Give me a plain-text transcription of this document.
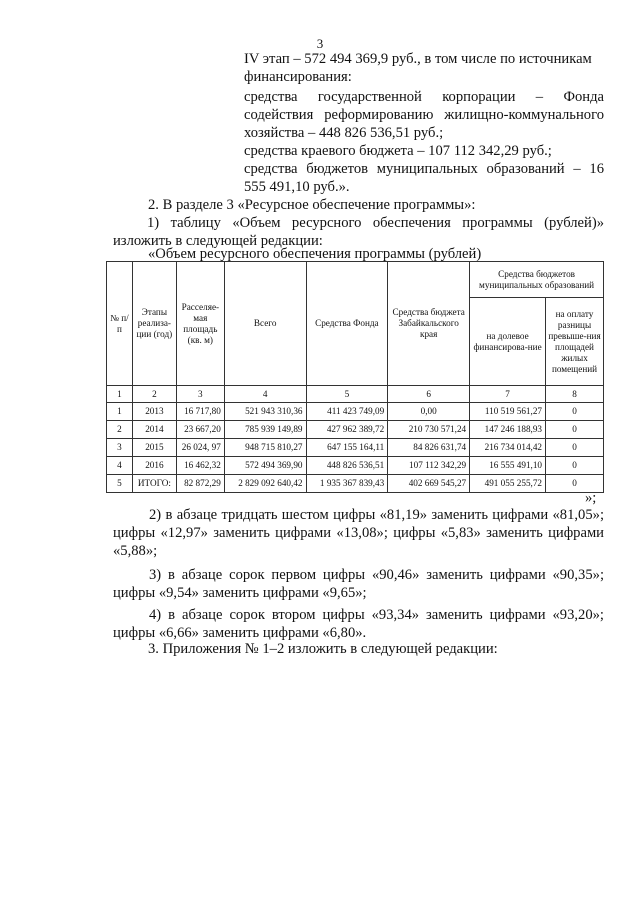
3
IV этап – 572 494 369,9 руб., в том числе по источникам финансирования:
средства государственной корпорации – Фонда содействия реформированию жилищно-коммунального хозяйства – 448 826 536,51 руб.;
средства краевого бюджета – 107 112 342,29 руб.;
средства бюджетов муниципальных образований – 16 555 491,10 руб.».
2. В разделе 3 «Ресурсное обеспечение программы»:
1) таблицу «Объем ресурсного обеспечения программы (рублей)» изложить в следующей редакции:
«Объем ресурсного обеспечения программы (рублей)
№ п/п	Этапы реализа-ции (год)	Расселяе-мая площадь (кв. м)	Всего	Средства Фонда	Средства бюджета Забайкальского края	Средства бюджетов муниципальных образований	
						на долевое финансирова-ние	на оплату разницы превыше-ния площадей жилых помещений
1	2	3	4	5	6	7	8
1	2013	16 717,80	521 943 310,36	411 423 749,09	0,00	110 519 561,27	0
2	2014	23 667,20	785 939 149,89	427 962 389,72	210 730 571,24	147 246 188,93	0
3	2015	26 024, 97	948 715 810,27	647 155 164,11	84 826 631,74	216 734 014,42	0
4	2016	16 462,32	572 494 369,90	448 826 536,51	107 112 342,29	16 555 491,10	0
5	ИТОГО:	82 872,29	2 829 092 640,42	1 935 367 839,43	402 669 545,27	491 055 255,72	0
»;
2) в абзаце тридцать шестом цифры «81,19» заменить цифрами «81,05»; цифры «12,97» заменить цифрами «13,08»; цифры «5,83» заменить цифрами «5,88»;
3) в абзаце сорок первом цифры «90,46» заменить цифрами «90,35»; цифры «9,54» заменить цифрами «9,65»;
4) в абзаце сорок втором цифры «93,34» заменить цифрами «93,20»; цифры «6,66» заменить цифрами «6,80».
3. Приложения № 1–2 изложить в следующей редакции:
